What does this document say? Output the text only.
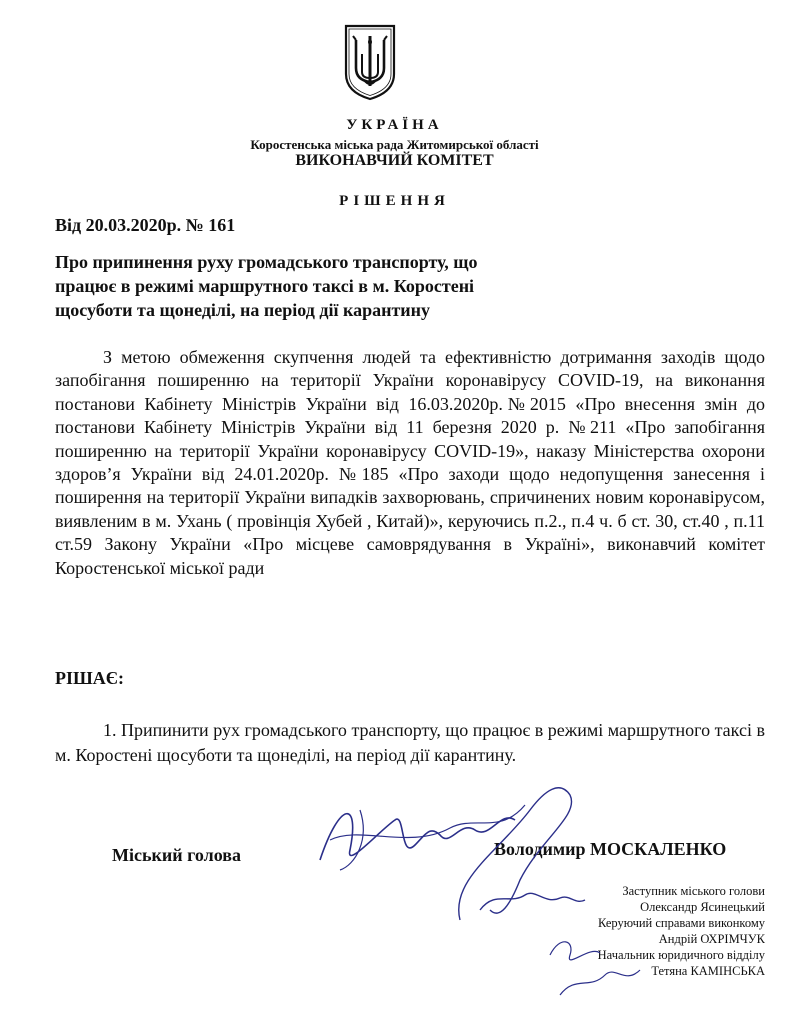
УКРАЇНА
Коростенська міська рада Житомирської області
ВИКОНАВЧИЙ КОМІТЕТ
РІШЕННЯ
Від 20.03.2020р. № 161
Про припинення руху громадського транспорту, що
працює в режимі маршрутного таксі в м. Коростені
щосуботи та щонеділі, на період дії карантину
З метою обмеження скупчення людей та ефективністю дотримання заходів щодо запобігання поширенню на території України коронавірусу COVID-19, на виконання постанови Кабінету Міністрів України від 16.03.2020р.№2015 «Про внесення змін до постанови Кабінету Міністрів України від 11 березня 2020 р. №211 «Про запобігання поширенню на території України коронавірусу COVID-19», наказу Міністерства охорони здоров’я України від 24.01.2020р. №185 «Про заходи щодо недопущення занесення і поширення на території України випадків захворювань, спричинених новим коронавірусом, виявленим в м. Ухань ( провінція Хубей , Китай)», керуючись п.2., п.4 ч. б ст. 30, ст.40 , п.11 ст.59 Закону України «Про місцеве самоврядування в Україні», виконавчий комітет Коростенської міської ради
РІШАЄ:
1. Припинити рух громадського транспорту, що працює в режимі маршрутного таксі в м. Коростені щосуботи та щонеділі, на період дії карантину.
Міський голова	Володимир МОСКАЛЕНКО
Заступник міського голови
Олександр Ясинецький
Керуючий справами виконкому
Андрій ОХРІМЧУК
Начальник юридичного відділу
Тетяна КАМІНСЬКА
